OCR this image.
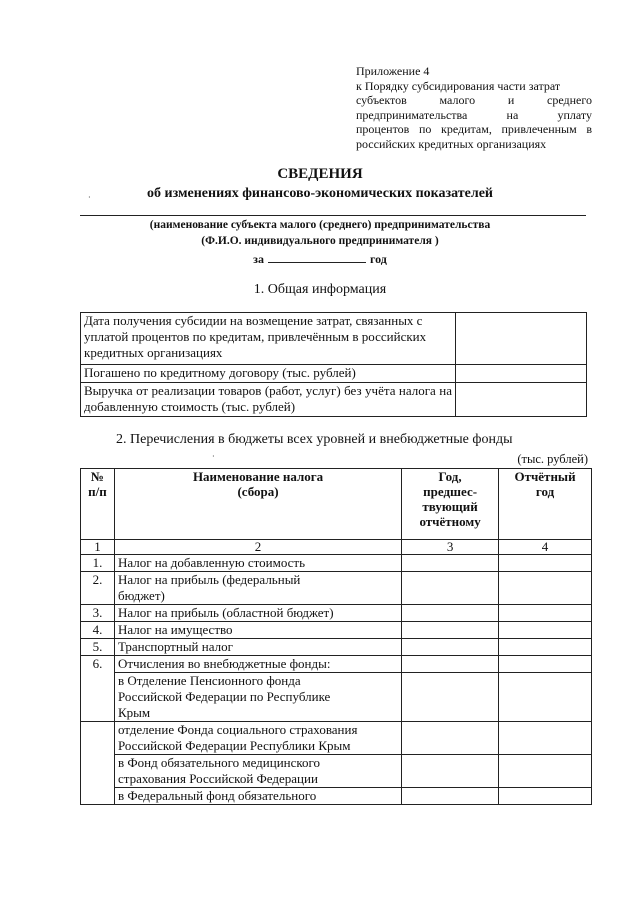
Приложение 4
к Порядку субсидирования части затрат
субъектов малого и среднего
предпринимательства на уплату
процентов по кредитам, привлеченным в
российских кредитных организациях
СВЕДЕНИЯ
об изменениях финансово-экономических показателей
·
(наименование субъекта малого (среднего) предпринимательства
(Ф.И.О. индивидуального предпринимателя )
за	год
1. Общая информация
Дата получения субсидии на возмещение затрат, связанных с уплатой процентов по кредитам, привлечённым в российских кредитных организациях	
Погашено по кредитному договору (тыс. рублей)	
Выручка от реализации товаров (работ, услуг) без учёта налога на добавленную стоимость (тыс. рублей)	
2. Перечисления в бюджеты всех уровней и внебюджетные фонды
·	(тыс. рублей)
№ п/п	Наименование налога (сбора)	Год, предшес- твующий отчётному	Отчётный год
1	2	3	4
1.	Налог на добавленную стоимость		
2.	Налог на прибыль (федеральный бюджет)		
3.	Налог на прибыль (областной бюджет)		
4.	Налог на имущество		
5.	Транспортный налог		
6.	Отчисления во внебюджетные фонды:		
	в Отделение Пенсионного фонда Российской Федерации по Республике Крым		
	отделение Фонда социального страхования Российской Федерации Республики Крым		
	в Фонд обязательного медицинского страхования Российской Федерации		
	в Федеральный фонд обязательного		
